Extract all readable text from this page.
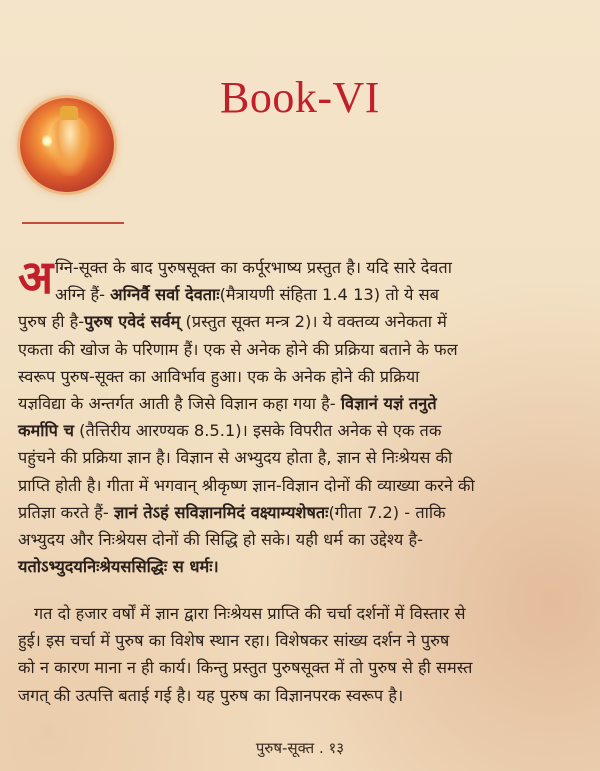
Book-VI
अ ग्नि-सूक्त के बाद पुरुषसूक्त का कर्पूरभाष्य प्रस्तुत है। यदि सारे देवता
अग्नि हैं- अग्निर्वै सर्वा देवताः(मैत्रायणी संहिता 1.4 13) तो ये सब
पुरुष ही है-पुरुष एवेदं सर्वम् (प्रस्तुत सूक्त मन्त्र 2)। ये वक्तव्य अनेकता में
एकता की खोज के परिणाम हैं। एक से अनेक होने की प्रक्रिया बताने के फल
स्वरूप पुरुष-सूक्त का आविर्भाव हुआ। एक के अनेक होने की प्रक्रिया
यज्ञविद्या के अन्तर्गत आती है जिसे विज्ञान कहा गया है- विज्ञानं यज्ञं तनुते
कर्मापि च (तैत्तिरीय आरण्यक 8.5.1)। इसके विपरीत अनेक से एक तक
पहुंचने की प्रक्रिया ज्ञान है। विज्ञान से अभ्युदय होता है, ज्ञान से निःश्रेयस की
प्राप्ति होती है। गीता में भगवान् श्रीकृष्ण ज्ञान-विज्ञान दोनों की व्याख्या करने की
प्रतिज्ञा करते हैं- ज्ञानं तेऽहं सविज्ञानमिदं वक्ष्याम्यशेषतः(गीता 7.2) - ताकि
अभ्युदय और निःश्रेयस दोनों की सिद्धि हो सके। यही धर्म का उद्देश्य है-
यतोऽभ्युदयनिःश्रेयससिद्धिः स धर्मः।
गत दो हजार वर्षों में ज्ञान द्वारा निःश्रेयस प्राप्ति की चर्चा दर्शनों में विस्तार से
हुई। इस चर्चा में पुरुष का विशेष स्थान रहा। विशेषकर सांख्य दर्शन ने पुरुष
को न कारण माना न ही कार्य। किन्तु प्रस्तुत पुरुषसूक्त में तो पुरुष से ही समस्त
जगत् की उत्पत्ति बताई गई है। यह पुरुष का विज्ञानपरक स्वरूप है।
पुरुष-सूक्त . १३
